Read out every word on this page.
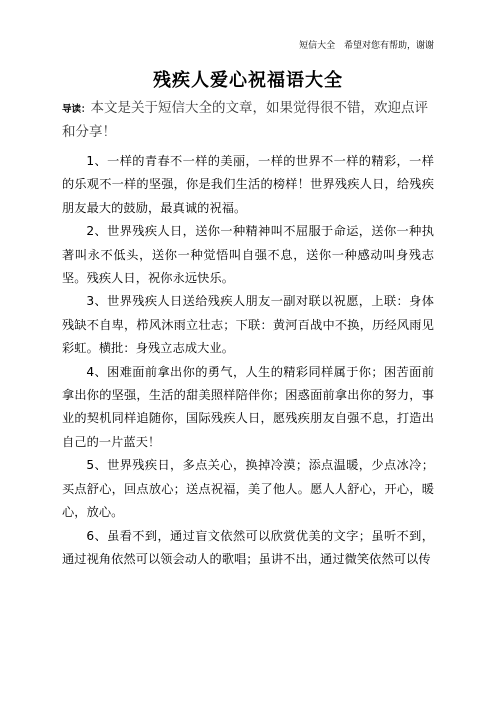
短信大全 希望对您有帮助，谢谢
残疾人爱心祝福语大全
导读：本文是关于短信大全的文章，如果觉得很不错，欢迎点评和分享！

1、一样的青春不一样的美丽，一样的世界不一样的精彩，一样的乐观不一样的坚强，你是我们生活的榜样！世界残疾人日，给残疾朋友最大的鼓励，最真诚的祝福。

2、世界残疾人日，送你一种精神叫不屈服于命运，送你一种执著叫永不低头，送你一种觉悟叫自强不息，送你一种感动叫身残志坚。残疾人日，祝你永远快乐。

3、世界残疾人日送给残疾人朋友一副对联以祝愿，上联：身体残缺不自卑，栉风沐雨立壮志；下联：黄河百战中不换，历经风雨见彩虹。横批：身残立志成大业。

4、困难面前拿出你的勇气，人生的精彩同样属于你；困苦面前拿出你的坚强，生活的甜美照样陪伴你；困惑面前拿出你的努力，事业的契机同样追随你，国际残疾人日，愿残疾朋友自强不息，打造出自己的一片蓝天！

5、世界残疾日，多点关心，换掉冷漠；添点温暖，少点冰冷；买点舒心，回点放心；送点祝福，美了他人。愿人人舒心，开心，暖心，放心。

6、虽看不到，通过盲文依然可以欣赏优美的文字；虽听不到，通过视角依然可以领会动人的歌唱；虽讲不出，通过微笑依然可以传
